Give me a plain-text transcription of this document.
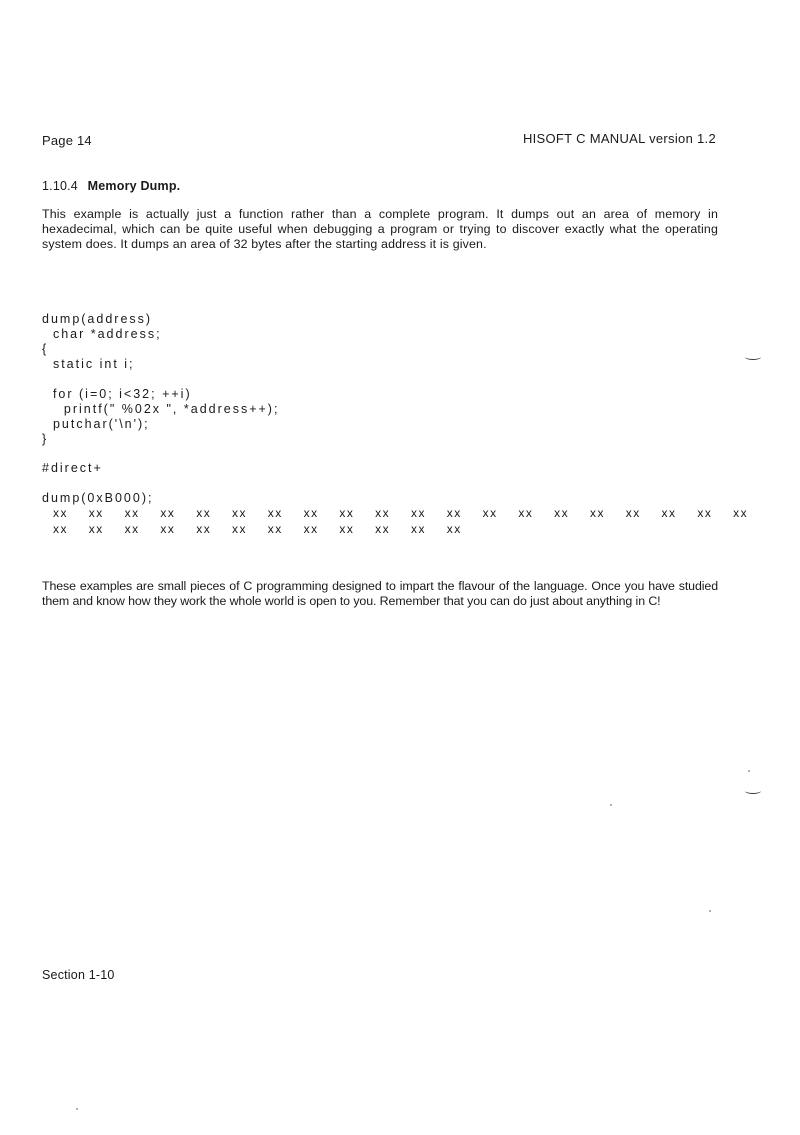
Page 14	HISOFT C MANUAL version 1.2
1.10.4 Memory Dump.
This example is actually just a function rather than a complete program. It dumps out an area of memory in hexadecimal, which can be quite useful when debugging a program or trying to discover exactly what the operating system does. It dumps an area of 32 bytes after the starting address it is given.
dump(address)
char *address;
{
static int i;

for (i=0; i<32; ++i)
printf(" %02x ", *address++);
putchar('\n');
}
#direct+
dump(0xB000);
xx	xx	xx	xx	xx	xx	xx	xx	xx	xx	xx	xx	xx	xx	xx	xx	xx	xx	xx	xx
xx	xx	xx	xx	xx	xx	xx	xx	xx	xx	xx	xx
These examples are small pieces of C programming designed to impart the flavour of the language. Once you have studied them and know how they work the whole world is open to you. Remember that you can do just about anything in C!
Section 1-10
